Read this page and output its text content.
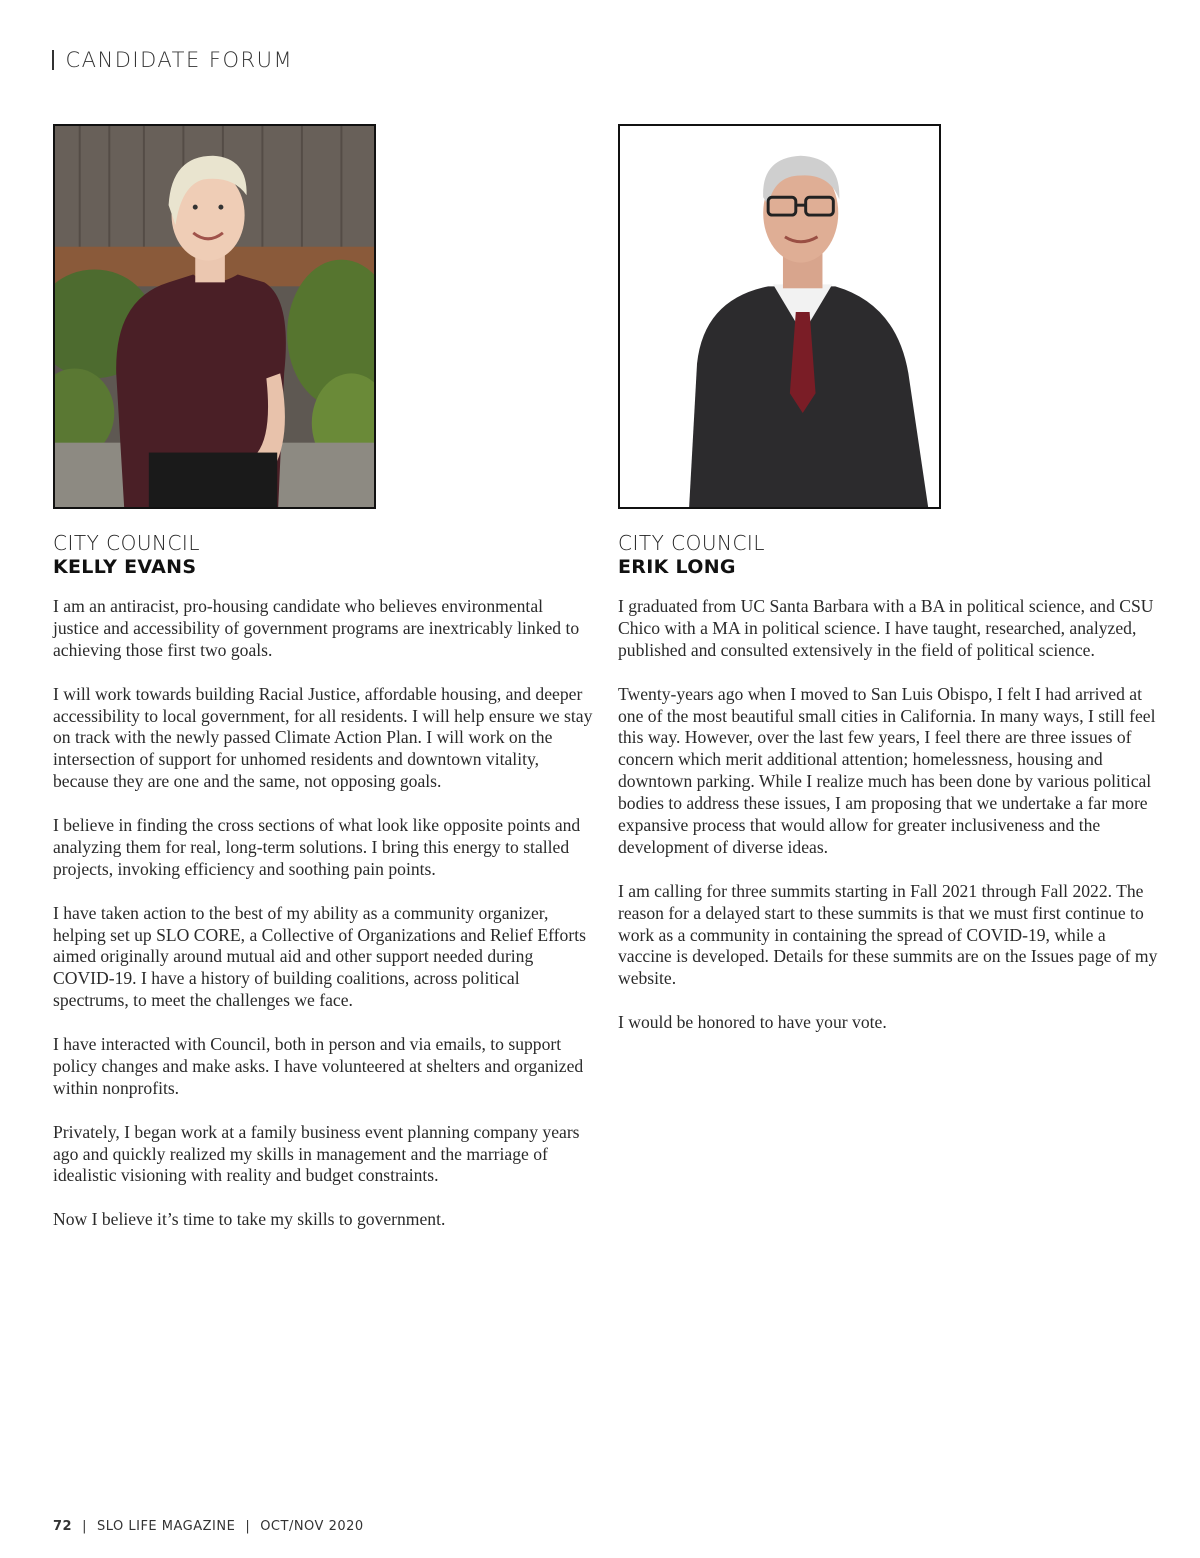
CANDIDATE FORUM
CITY COUNCIL
KELLY EVANS

I am an antiracist, pro-housing candidate who believes environmental justice and accessibility of government programs are inextricably linked to achieving those first two goals.

I will work towards building Racial Justice, affordable housing, and deeper accessibility to local government, for all residents. I will help ensure we stay on track with the newly passed Climate Action Plan. I will work on the intersection of support for unhomed residents and downtown vitality, because they are one and the same, not opposing goals.

I believe in finding the cross sections of what look like opposite points and analyzing them for real, long-term solutions. I bring this energy to stalled projects, invoking efficiency and soothing pain points.

I have taken action to the best of my ability as a community organizer, helping set up SLO CORE, a Collective of Organizations and Relief Efforts aimed originally around mutual aid and other support needed during COVID-19. I have a history of building coalitions, across political spectrums, to meet the challenges we face.

I have interacted with Council, both in person and via emails, to support policy changes and make asks. I have volunteered at shelters and organized within nonprofits.

Privately, I began work at a family business event planning company years ago and quickly realized my skills in management and the marriage of idealistic visioning with reality and budget constraints.

Now I believe it’s time to take my skills to government.

CITY COUNCIL
ERIK LONG

I graduated from UC Santa Barbara with a BA in political science, and CSU Chico with a MA in political science. I have taught, researched, analyzed, published and consulted extensively in the field of political science.

Twenty-years ago when I moved to San Luis Obispo, I felt I had arrived at one of the most beautiful small cities in California. In many ways, I still feel this way. However, over the last few years, I feel there are three issues of concern which merit additional attention; homelessness, housing and downtown parking. While I realize much has been done by various political bodies to address these issues, I am proposing that we undertake a far more expansive process that would allow for greater inclusiveness and the development of diverse ideas.

I am calling for three summits starting in Fall 2021 through Fall 2022. The reason for a delayed start to these summits is that we must first continue to work as a community in containing the spread of COVID-19, while a vaccine is developed. Details for these summits are on the Issues page of my website.

I would be honored to have your vote.

72 | SLO LIFE MAGAZINE | OCT/NOV 2020
